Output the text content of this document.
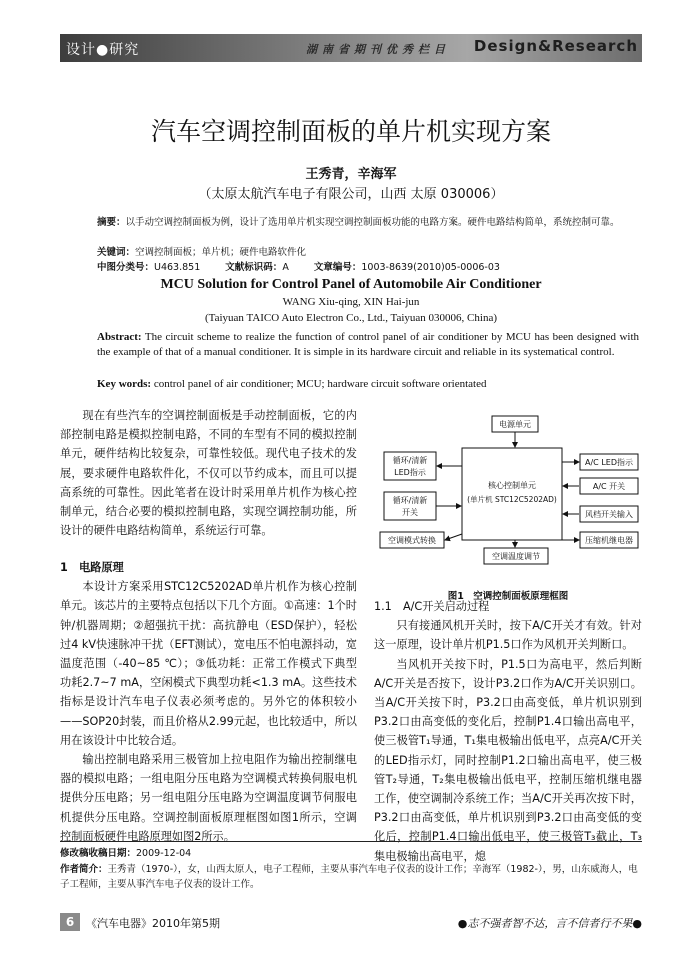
设计●研究	湖南省期刊优秀栏目 Design&Research
汽车空调控制面板的单片机实现方案
王秀青，辛海军
（太原太航汽车电子有限公司，山西 太原 030006）
摘要：以手动空调控制面板为例，设计了选用单片机实现空调控制面板功能的电路方案。硬件电路结构简单，系统控制可靠。
关键词：空调控制面板；单片机；硬件电路软件化
中图分类号：U463.851	文献标识码：A	文章编号：1003-8639(2010)05-0006-03
MCU Solution for Control Panel of Automobile Air Conditioner
WANG Xiu-qing, XIN Hai-jun
(Taiyuan TAICO Auto Electron Co., Ltd., Taiyuan 030006, China)
Abstract: The circuit scheme to realize the function of control panel of air conditioner by MCU has been designed with the example of that of a manual conditioner. It is simple in its hardware circuit and reliable in its systematical control.
Key words: control panel of air conditioner; MCU; hardware circuit software orientated

现在有些汽车的空调控制面板是手动控制面板，它的内部控制电路是模拟控制电路，不同的车型有不同的模拟控制单元，硬件结构比较复杂，可靠性较低。现代电子技术的发展，要求硬件电路软件化，不仅可以节约成本，而且可以提高系统的可靠性。因此笔者在设计时采用单片机作为核心控制单元，结合必要的模拟控制电路，实现空调控制功能，所设计的硬件电路结构简单，系统运行可靠。

电源单元
核心控制单元
(单片机 STC12C5202AD)
循环/清新
LED指示
循环/清新
开关
空调模式转换
空调温度调节
A/C LED指示
A/C 开关
风档开关输入
压缩机继电器
图1　空调控制面板原理框图

1　电路原理

本设计方案采用STC12C5202AD单片机作为核心控制单元。该芯片的主要特点包括以下几个方面。①高速：1个时钟/机器周期；②超强抗干扰：高抗静电（ESD保护），轻松过4 kV快速脉冲干扰（EFT测试），宽电压不怕电源抖动，宽温度范围（-40~85 ℃）；③低功耗：正常工作模式下典型功耗2.7~7 mA，空闲模式下典型功耗<1.3 mA。这些技术指标是设计汽车电子仪表必须考虑的。另外它的体积较小——SOP20封装，而且价格从2.99元起，也比较适中，所以用在该设计中比较合适。

输出控制电路采用三极管加上拉电阻作为输出控制继电器的模拟电路；一组电阻分压电路为空调模式转换伺服电机提供分压电路；另一组电阻分压电路为空调温度调节伺服电机提供分压电路。空调控制面板原理框图如图1所示，空调控制面板硬件电路原理如图2所示。

1.1　A/C开关启动过程

只有接通风机开关时，按下A/C开关才有效。针对这一原理，设计单片机P1.5口作为风机开关判断口。

当风机开关按下时，P1.5口为高电平，然后判断A/C开关是否按下，设计P3.2口作为A/C开关识别口。当A/C开关按下时，P3.2口由高变低，单片机识别到P3.2口由高变低的变化后，控制P1.4口输出高电平，使三极管T₁导通，T₁集电极输出低电平，点亮A/C开关的LED指示灯，同时控制P1.2口输出高电平，使三极管T₂导通，T₂集电极输出低电平，控制压缩机继电器工作，使空调制冷系统工作；当A/C开关再次按下时，P3.2口由高变低，单片机识别到P3.2口由高变低的变化后，控制P1.4口输出低电平，使三极管T₃截止，T₃集电极输出高电平，熄

修改稿收稿日期：2009-12-04
作者简介：王秀青（1970-），女，山西太原人，电子工程师，主要从事汽车电子仪表的设计工作；辛海军（1982-），男，山东威海人，电子工程师，主要从事汽车电子仪表的设计工作。
6	《汽车电器》2010年第5期	●志不强者智不达，言不信者行不果●
